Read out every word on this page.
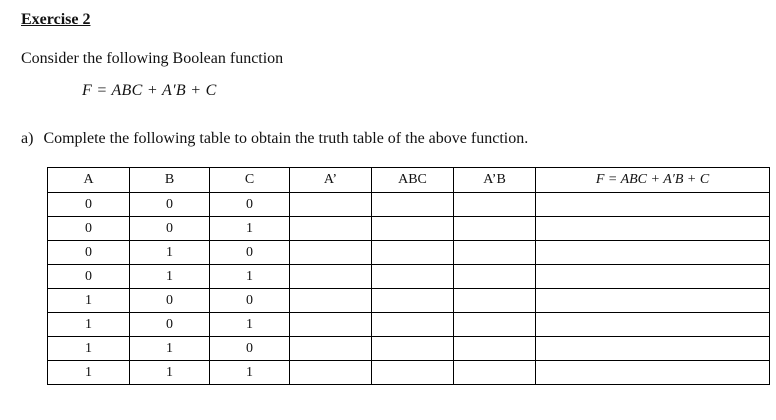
Exercise 2
Consider the following Boolean function
F = ABC + A′B + C
a) Complete the following table to obtain the truth table of the above function.
A	B	C	A’	ABC	A’B	F = ABC + A′B + C
0	0	0				
0	0	1				
0	1	0				
0	1	1				
1	0	0				
1	0	1				
1	1	0				
1	1	1				
